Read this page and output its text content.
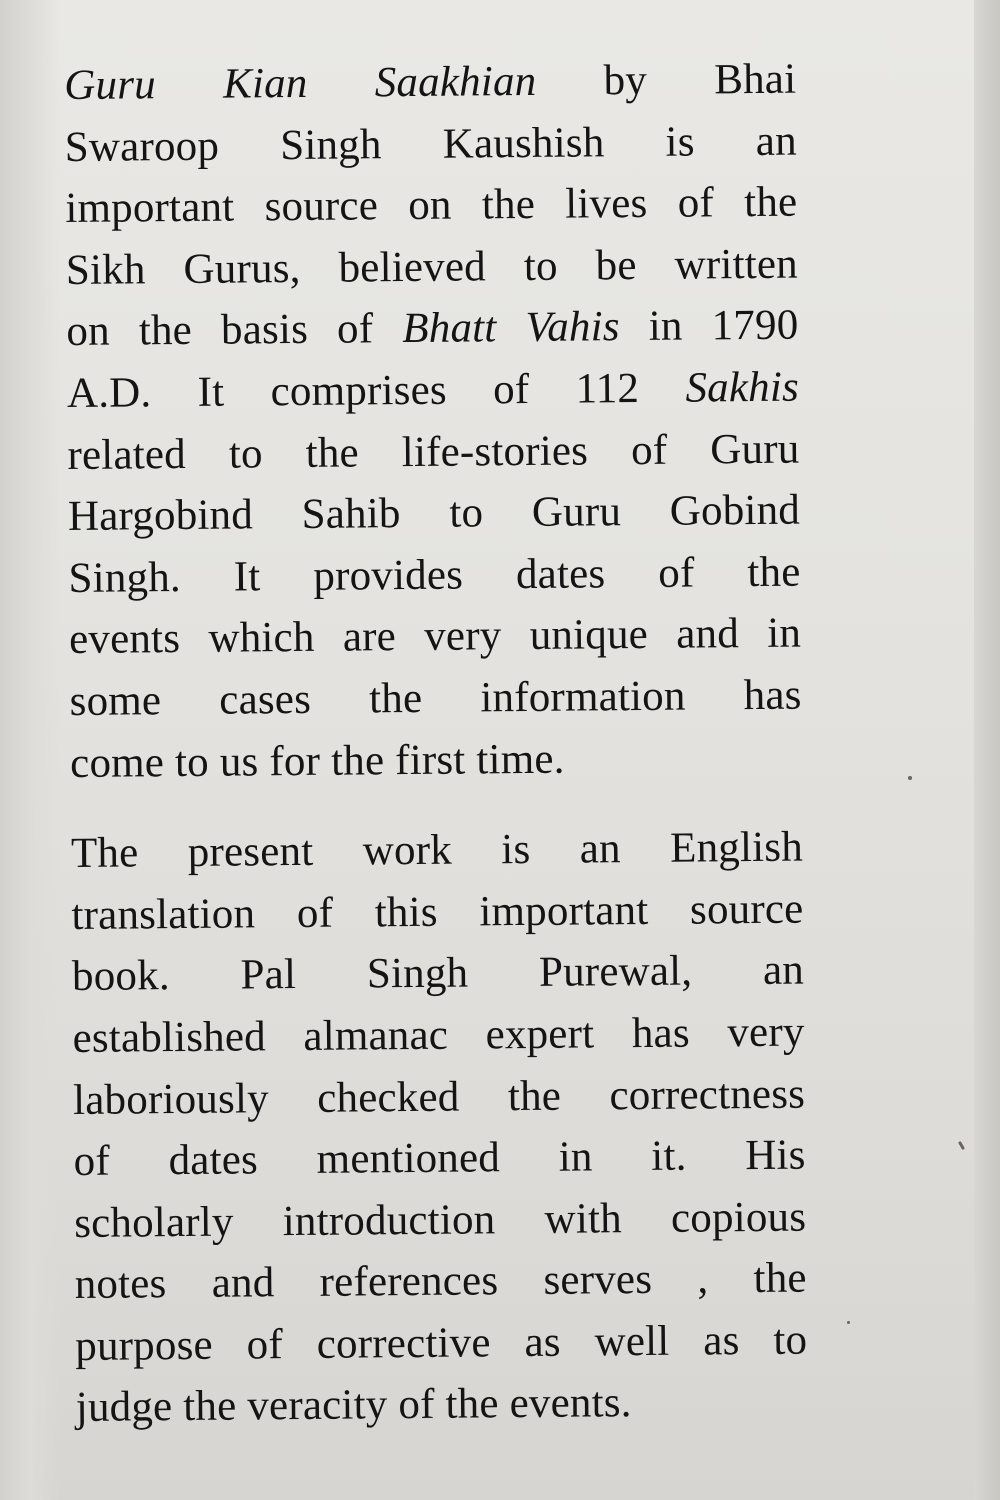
Guru Kian Saakhian by Bhai
Swaroop Singh Kaushish is an
important source on the lives of the
Sikh Gurus, believed to be written
on the basis of Bhatt Vahis in 1790
A.D. It comprises of 112 Sakhis
related to the life-stories of Guru
Hargobind Sahib to Guru Gobind
Singh. It provides dates of the
events which are very unique and in
some cases the information has
come to us for the first time.

The present work is an English
translation of this important source
book. Pal Singh Purewal, an
established almanac expert has very
laboriously checked the correctness
of dates mentioned in it. His
scholarly introduction with copious
notes and references serves , the
purpose of corrective as well as to
judge the veracity of the events.
